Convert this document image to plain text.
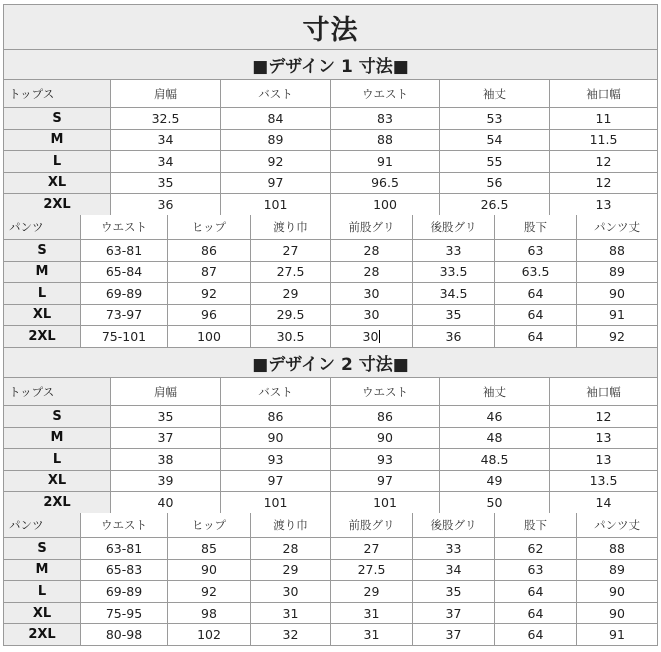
寸法
■デザイン 1 寸法■
トップス	肩幅	バスト	ウエスト	袖丈	袖口幅
S	32.5	84	83	53	11
M	34	89	88	54	11.5
L	34	92	91	55	12
XL	35	97	96.5	56	12
2XL	36	101	100	26.5	13
パンツ	ウエスト	ヒップ	渡り巾	前股グリ	後股グリ	股下	パンツ丈
S	63-81	86	27	28	33	63	88
M	65-84	87	27.5	28	33.5	63.5	89
L	69-89	92	29	30	34.5	64	90
XL	73-97	96	29.5	30	35	64	91
2XL	75-101	100	30.5	30	36	64	92
■デザイン 2 寸法■
トップス	肩幅	バスト	ウエスト	袖丈	袖口幅
S	35	86	86	46	12
M	37	90	90	48	13
L	38	93	93	48.5	13
XL	39	97	97	49	13.5
2XL	40	101	101	50	14
パンツ	ウエスト	ヒップ	渡り巾	前股グリ	後股グリ	股下	パンツ丈
S	63-81	85	28	27	33	62	88
M	65-83	90	29	27.5	34	63	89
L	69-89	92	30	29	35	64	90
XL	75-95	98	31	31	37	64	90
2XL	80-98	102	32	31	37	64	91
